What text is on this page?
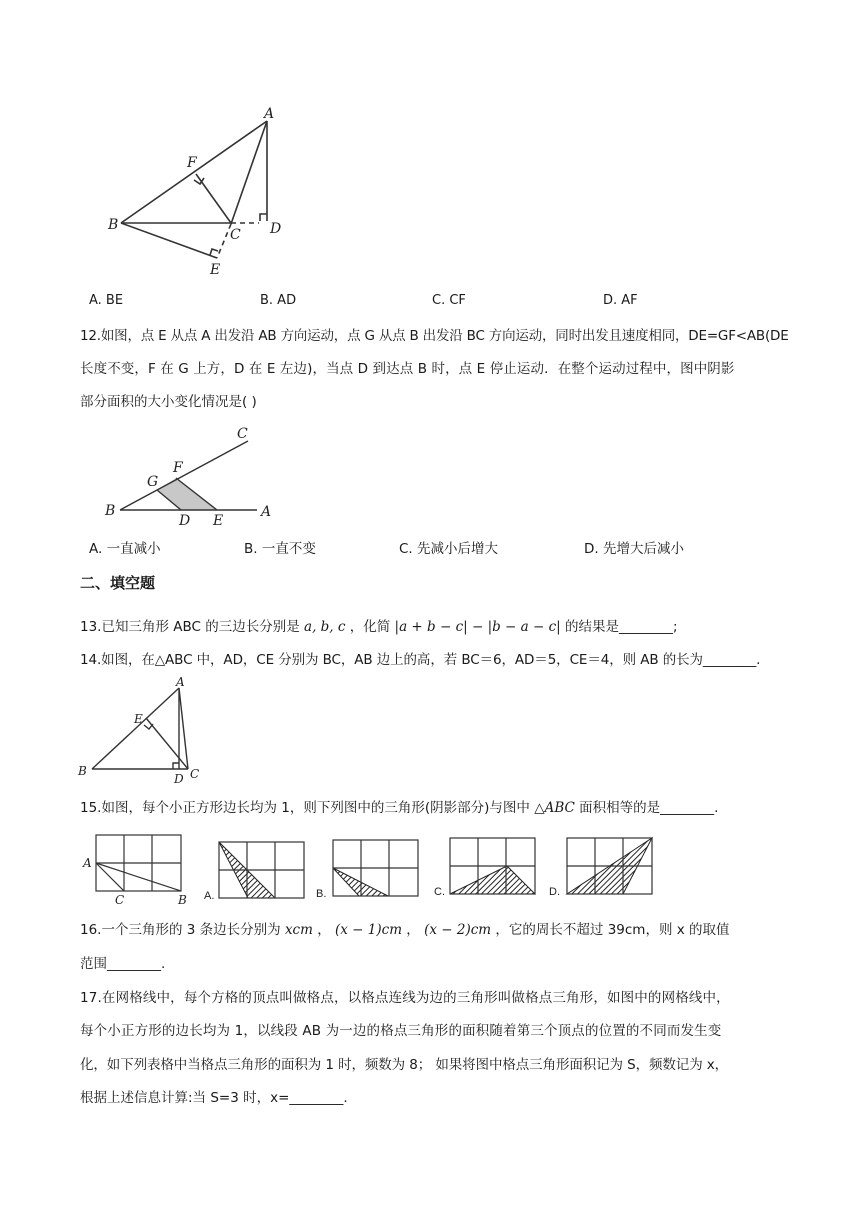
A
F
B
C D
E
A. BE	B. AD	C. CF	D. AF
12.如图，点 E 从点 A 出发沿 AB 方向运动，点 G 从点 B 出发沿 BC 方向运动，同时出发且速度相同，DE=GF<AB(DE
长度不变，F 在 G 上方，D 在 E 左边)，当点 D 到达点 B 时，点 E 停止运动．在整个运动过程中，图中阴影
部分面积的大小变化情况是( )
C
F
G
B
D E
A
A. 一直减小	B. 一直不变	C. 先减小后增大	D. 先增大后减小
二、填空题
13.已知三角形 ABC 的三边长分别是 a, b, c ，化简 |a + b − c| − |b − a − c| 的结果是________;
14.如图，在△ABC 中，AD，CE 分别为 BC，AB 边上的高，若 BC＝6，AD＝5，CE＝4，则 AB 的长为________.
A
E
B
D C
15.如图，每个小正方形边长均为 1，则下列图中的三角形(阴影部分)与图中 △ABC 面积相等的是________.
A
C	B A.	B.	C.	D.
16.一个三角形的 3 条边长分别为 xcm ， (x − 1)cm ， (x − 2)cm ，它的周长不超过 39cm，则 x 的取值
范围________.
17.在网格线中，每个方格的顶点叫做格点，以格点连线为边的三角形叫做格点三角形，如图中的网格线中，
每个小正方形的边长均为 1，以线段 AB 为一边的格点三角形的面积随着第三个顶点的位置的不同而发生变
化，如下列表格中当格点三角形的面积为 1 时，频数为 8； 如果将图中格点三角形面积记为 S，频数记为 x，
根据上述信息计算:当 S=3 时，x=________.
